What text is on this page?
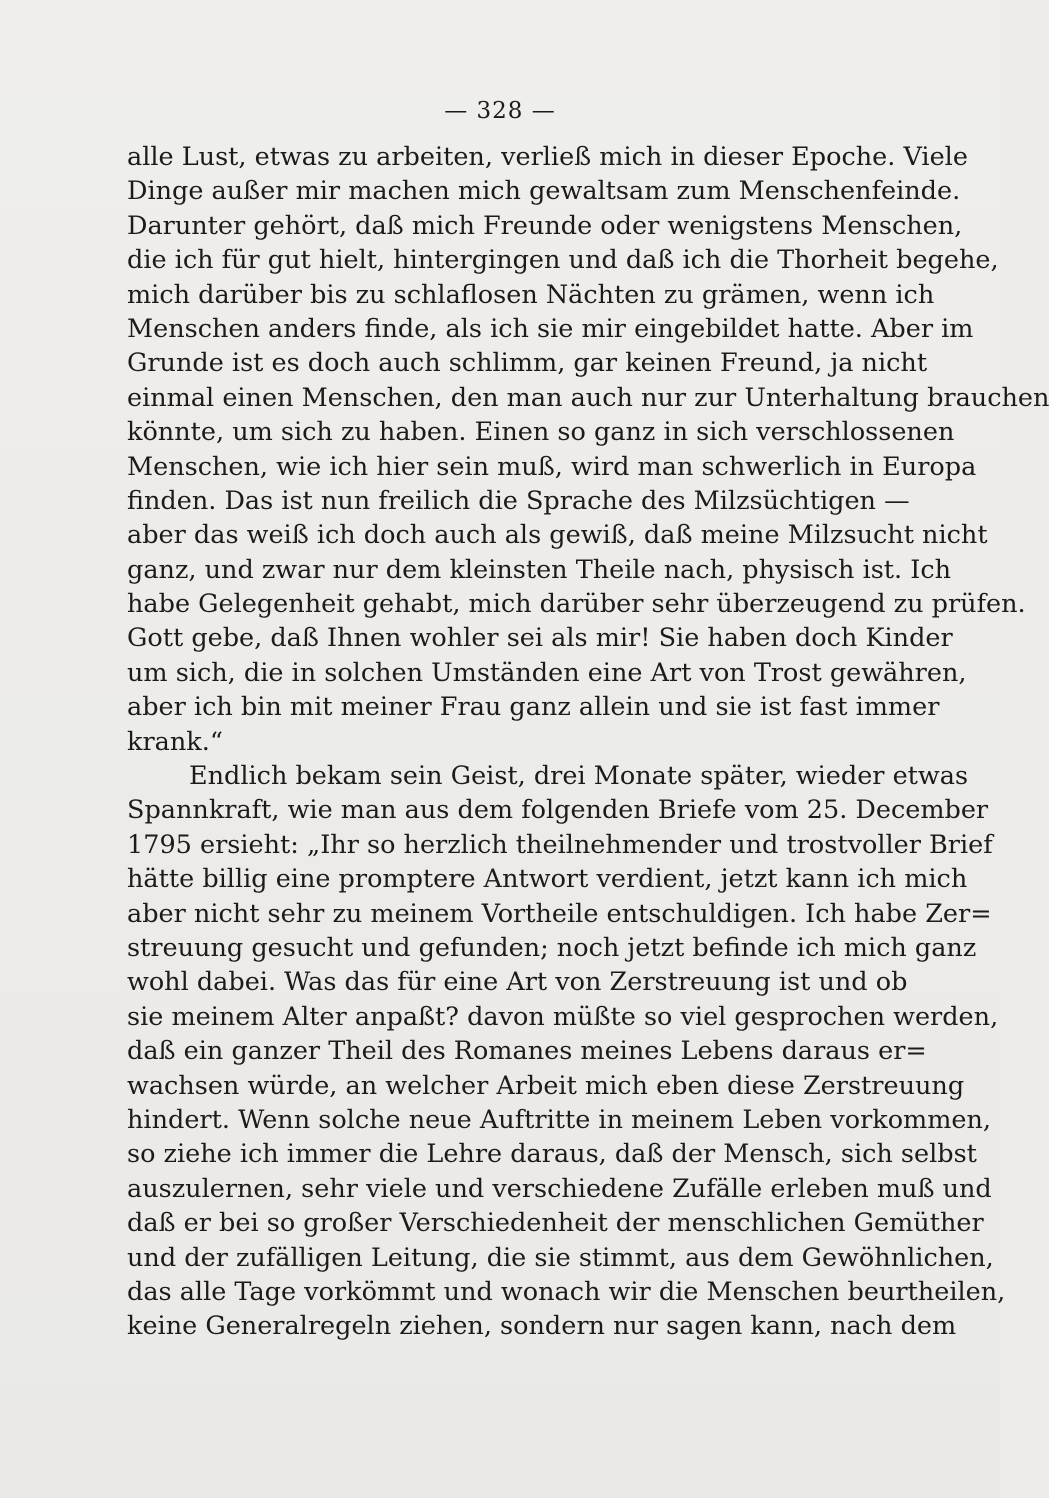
— 328 —
alle Lust, etwas zu arbeiten, verließ mich in dieser Epoche. Viele
Dinge außer mir machen mich gewaltsam zum Menschenfeinde.
Darunter gehört, daß mich Freunde oder wenigstens Menschen,
die ich für gut hielt, hintergingen und daß ich die Thorheit begehe,
mich darüber bis zu schlaflosen Nächten zu grämen, wenn ich
Menschen anders finde, als ich sie mir eingebildet hatte. Aber im
Grunde ist es doch auch schlimm, gar keinen Freund, ja nicht
einmal einen Menschen, den man auch nur zur Unterhaltung brauchen
könnte, um sich zu haben. Einen so ganz in sich verschlossenen
Menschen, wie ich hier sein muß, wird man schwerlich in Europa
finden. Das ist nun freilich die Sprache des Milzsüchtigen —
aber das weiß ich doch auch als gewiß, daß meine Milzsucht nicht
ganz, und zwar nur dem kleinsten Theile nach, physisch ist. Ich
habe Gelegenheit gehabt, mich darüber sehr überzeugend zu prüfen.
Gott gebe, daß Ihnen wohler sei als mir! Sie haben doch Kinder
um sich, die in solchen Umständen eine Art von Trost gewähren,
aber ich bin mit meiner Frau ganz allein und sie ist fast immer
krank.“
Endlich bekam sein Geist, drei Monate später, wieder etwas
Spannkraft, wie man aus dem folgenden Briefe vom 25. December
1795 ersieht: „Ihr so herzlich theilnehmender und trostvoller Brief
hätte billig eine promptere Antwort verdient, jetzt kann ich mich
aber nicht sehr zu meinem Vortheile entschuldigen. Ich habe Zer=
streuung gesucht und gefunden; noch jetzt befinde ich mich ganz
wohl dabei. Was das für eine Art von Zerstreuung ist und ob
sie meinem Alter anpaßt? davon müßte so viel gesprochen werden,
daß ein ganzer Theil des Romanes meines Lebens daraus er=
wachsen würde, an welcher Arbeit mich eben diese Zerstreuung
hindert. Wenn solche neue Auftritte in meinem Leben vorkommen,
so ziehe ich immer die Lehre daraus, daß der Mensch, sich selbst
auszulernen, sehr viele und verschiedene Zufälle erleben muß und
daß er bei so großer Verschiedenheit der menschlichen Gemüther
und der zufälligen Leitung, die sie stimmt, aus dem Gewöhnlichen,
das alle Tage vorkömmt und wonach wir die Menschen beurtheilen,
keine Generalregeln ziehen, sondern nur sagen kann, nach dem
